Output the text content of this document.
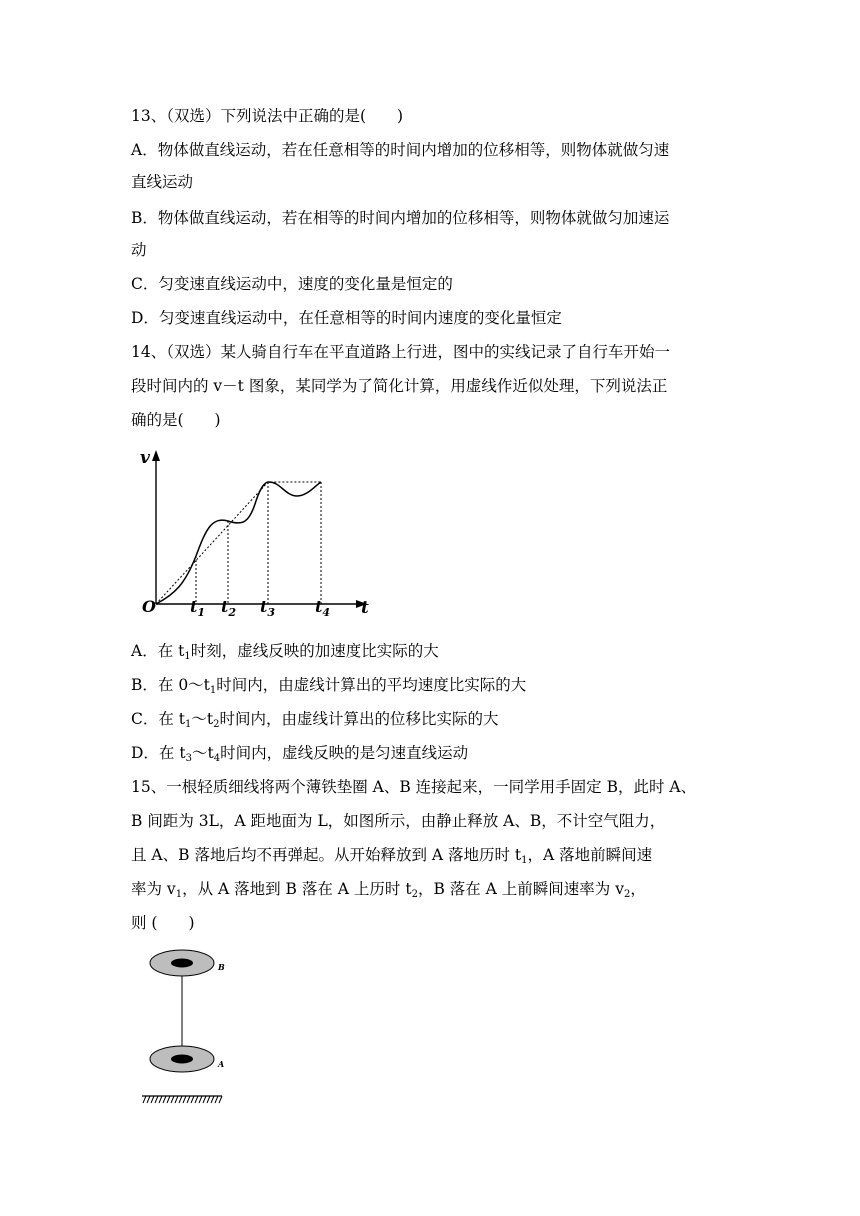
13、（双选）下列说法中正确的是(　　)
A．物体做直线运动，若在任意相等的时间内增加的位移相等，则物体就做匀速
直线运动
B．物体做直线运动，若在相等的时间内增加的位移相等，则物体就做匀加速运
动
C．匀变速直线运动中，速度的变化量是恒定的
D．匀变速直线运动中，在任意相等的时间内速度的变化量恒定
14、（双选）某人骑自行车在平直道路上行进，图中的实线记录了自行车开始一
段时间内的 v－t 图象，某同学为了简化计算，用虚线作近似处理，下列说法正
确的是(　　)
v
t
O $t_1$ $t_2$ $t_3$ $t_4$
A．在 $t_1$时刻，虚线反映的加速度比实际的大
B．在 $0\sim t_1$时间内，由虚线计算出的平均速度比实际的大
C．在 $t_1\sim t_2$时间内，由虚线计算出的位移比实际的大
D．在 $t_3\sim t_4$时间内，虚线反映的是匀速直线运动
15、一根轻质细线将两个薄铁垫圈 A、B 连接起来，一同学用手固定 B，此时 A、
B 间距为 3L，A 距地面为 L，如图所示，由静止释放 A、B，不计空气阻力，
且 A、B 落地后均不再弹起。从开始释放到 A 落地历时 $t_1$，A 落地前瞬间速
率为 $v_1$，从 A 落地到 B 落在 A 上历时 $t_2$，B 落在 A 上前瞬间速率为 $v_2$，
则 (　　)
B
A
